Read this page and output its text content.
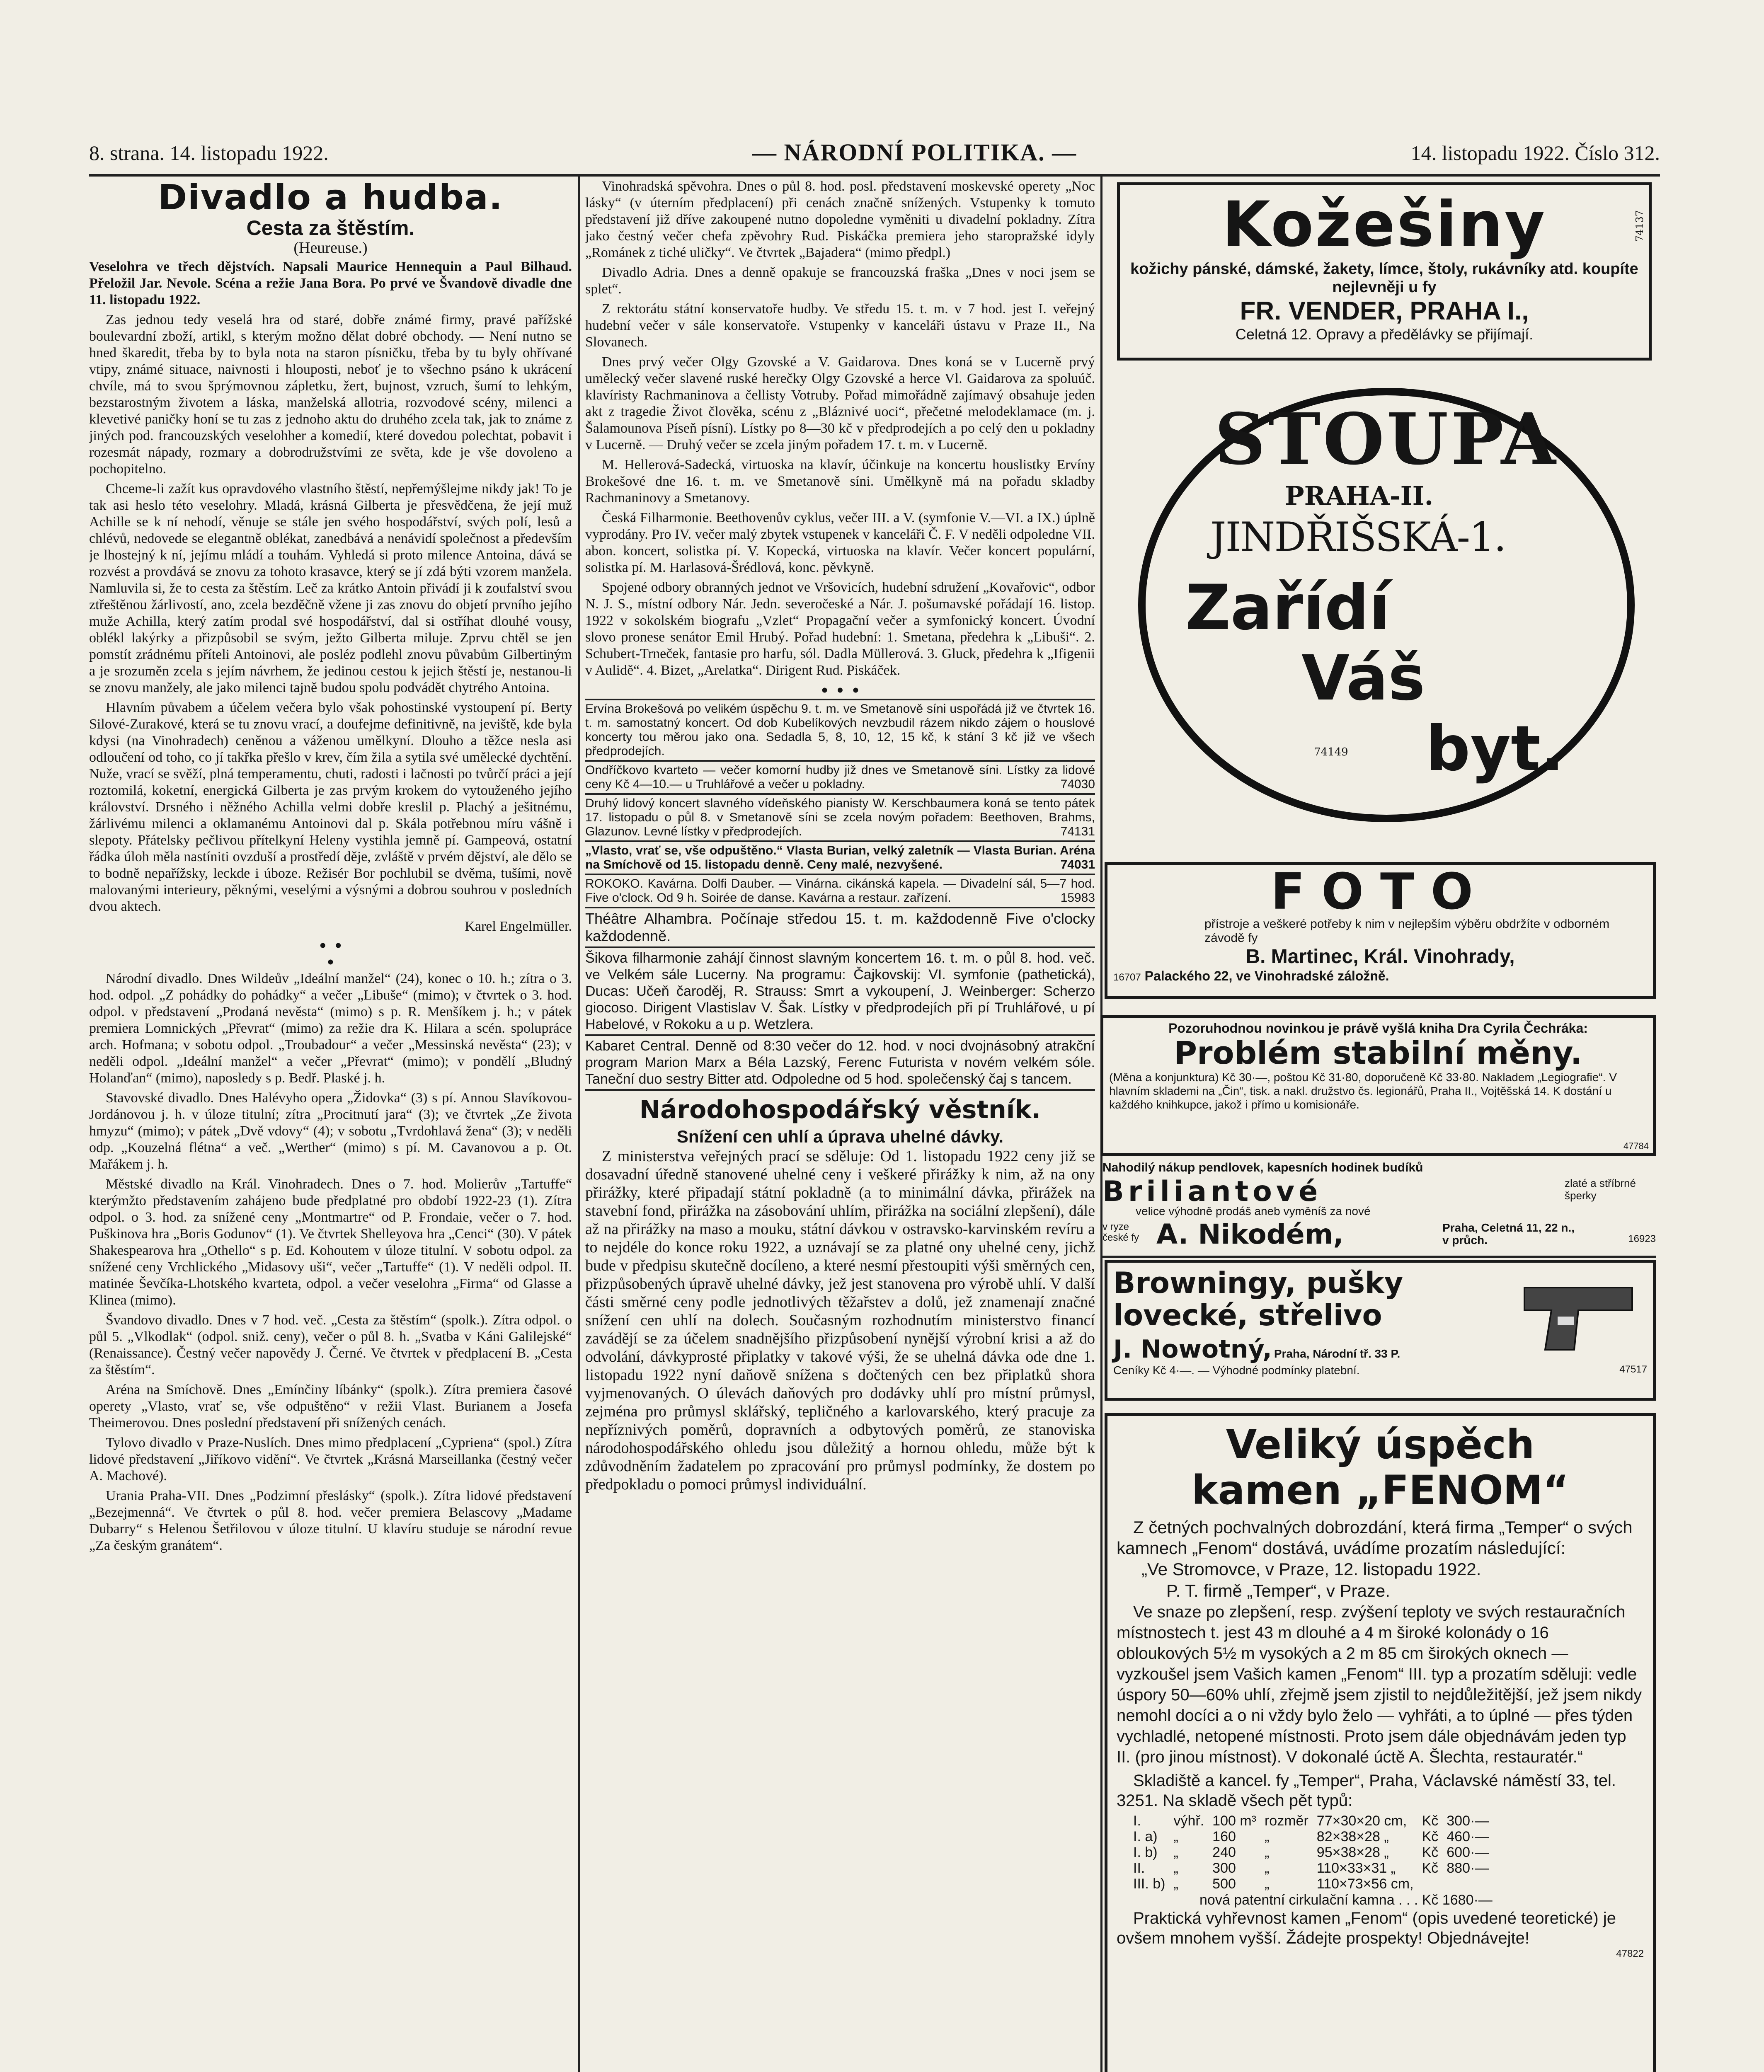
8. strana. 14. listopadu 1922.	— NÁRODNÍ POLITIKA. —	14. listopadu 1922. Číslo 312.
Divadlo a hudba.
Cesta za štěstím.
(Heureuse.)

Veselohra ve třech dějstvích. Napsali Maurice Hennequin a Paul Bilhaud. Přeložil Jar. Nevole. Scéna a režie Jana Bora. Po prvé ve Švandově divadle dne 11. listopadu 1922.

Zas jednou tedy veselá hra od staré, dobře známé firmy, pravé pařížské boulevardní zboží, artikl, s kterým možno dělat dobré obchody. — Není nutno se hned škaredit, třeba by to byla nota na staron písničku, třeba by tu byly ohřívané vtipy, známé situace, naivnosti i hlouposti, neboť je to všechno psáno k ukrácení chvíle, má to svou šprýmovnou zápletku, žert, bujnost, vzruch, šumí to lehkým, bezstarostným životem a láska, manželská allotria, rozvodové scény, milenci a klevetivé paničky honí se tu zas z jednoho aktu do druhého zcela tak, jak to známe z jiných pod. francouzských veselohher a komedií, které dovedou polechtat, pobavit i rozesmát nápady, rozmary a dobrodružstvími ze světa, kde je vše dovoleno a pochopitelno.

Chceme-li zažít kus opravdového vlastního štěstí, nepřemýšlejme nikdy jak! To je tak asi heslo této veselohry. Mladá, krásná Gilberta je přesvědčena, že její muž Achille se k ní nehodí, věnuje se stále jen svého hospodářství, svých polí, lesů a chlévů, nedovede se elegantně oblékat, zanedbává a nenávidí společnost a především je lhostejný k ní, jejímu mládí a touhám. Vyhledá si proto milence Antoina, dává se rozvést a provdává se znovu za tohoto krasavce, který se jí zdá býti vzorem manžela. Namluvila si, že to cesta za štěstím. Leč za krátko Antoin přivádí ji k zoufalství svou ztřeštěnou žárlivostí, ano, zcela bezděčně vžene ji zas znovu do objetí prvního jejího muže Achilla, který zatím prodal své hospodářství, dal si ostříhat dlouhé vousy, oblékl lakýrky a přizpůsobil se svým, ježto Gilberta miluje. Zprvu chtěl se jen pomstít zrádnému příteli Antoinovi, ale posléz podlehl znovu půvabům Gilbertiným a je srozuměn zcela s jejím návrhem, že jedinou cestou k jejich štěstí je, nestanou-li se znovu manžely, ale jako milenci tajně budou spolu podvádět chytrého Antoina.

Hlavním půvabem a účelem večera bylo však pohostinské vystoupení pí. Berty Silové-Zurakové, která se tu znovu vrací, a doufejme definitivně, na jeviště, kde byla kdysi (na Vinohradech) ceněnou a váženou umělkyní. Dlouho a těžce nesla asi odloučení od toho, co jí takřka přešlo v krev, čím žila a sytila své umělecké dychtění. Nuže, vrací se svěží, plná temperamentu, chuti, radosti i lačnosti po tvůrčí práci a její roztomilá, koketní, energická Gilberta je zas prvým krokem do vytouženého jejího království. Drsného i něžného Achilla velmi dobře kreslil p. Plachý a ješitnému, žárlivému milenci a oklamanému Antoinovi dal p. Skála potřebnou míru vášně i slepoty. Přátelsky pečlivou přítelkyní Heleny vystihla jemně pí. Gampeová, ostatní řádka úloh měla nastíniti ovzduší a prostředí děje, zvláště v prvém dějství, ale dělo se to bodně nepařížsky, leckde i úboze. Režisér Bor pochlubil se dvěma, tušími, nově malovanými interieury, pěknými, veselými a výsnými a dobrou souhrou v posledních dvou aktech.

Karel Engelmüller.
•  •
•

Národní divadlo. Dnes Wildeův „Ideální manžel“ (24), konec o 10. h.; zítra o 3. hod. odpol. „Z pohádky do pohádky“ a večer „Libuše“ (mimo); v čtvrtek o 3. hod. odpol. v představení „Prodaná nevěsta“ (mimo) s p. R. Menšíkem j. h.; v pátek premiera Lomnických „Převrat“ (mimo) za režie dra K. Hilara a scén. spolupráce arch. Hofmana; v sobotu odpol. „Troubadour“ a večer „Messinská nevěsta“ (23); v neděli odpol. „Ideální manžel“ a večer „Převrat“ (mimo); v pondělí „Bludný Holanďan“ (mimo), naposledy s p. Bedř. Plaské j. h.

Stavovské divadlo. Dnes Halévyho opera „Židovka“ (3) s pí. Annou Slavíkovou-Jordánovou j. h. v úloze titulní; zítra „Procitnutí jara“ (3); ve čtvrtek „Ze života hmyzu“ (mimo); v pátek „Dvě vdovy“ (4); v sobotu „Tvrdohlavá žena“ (3); v neděli odp. „Kouzelná flétna“ a več. „Werther“ (mimo) s pí. M. Cavanovou a p. Ot. Mařákem j. h.

Městské divadlo na Král. Vinohradech. Dnes o 7. hod. Molierův „Tartuffe“ kterýmžto představením zahájeno bude předplatné pro období 1922-23 (1). Zítra odpol. o 3. hod. za snížené ceny „Montmartre“ od P. Frondaie, večer o 7. hod. Puškinova hra „Boris Godunov“ (1). Ve čtvrtek Shelleyova hra „Cenci“ (30). V pátek Shakespearova hra „Othello“ s p. Ed. Kohoutem v úloze titulní. V sobotu odpol. za snížené ceny Vrchlického „Midasovy uši“, večer „Tartuffe“ (1). V neděli odpol. II. matinée Ševčíka-Lhotského kvarteta, odpol. a večer veselohra „Firma“ od Glasse a Klinea (mimo).

Švandovo divadlo. Dnes v 7 hod. več. „Cesta za štěstím“ (spolk.). Zítra odpol. o půl 5. „Vlkodlak“ (odpol. sniž. ceny), večer o půl 8. h. „Svatba v Káni Galilejské“ (Renaissance). Čestný večer napovědy J. Černé. Ve čtvrtek v předplacení B. „Cesta za štěstím“.

Aréna na Smíchově. Dnes „Emínčiny líbánky“ (spolk.). Zítra premiera časové operety „Vlasto, vrať se, vše odpuštěno“ v režii Vlast. Burianem a Josefa Theimerovou. Dnes poslední představení při snížených cenách.

Tylovo divadlo v Praze-Nuslích. Dnes mimo předplacení „Cypriena“ (spol.) Zítra lidové představení „Jiříkovo vidění“. Ve čtvrtek „Krásná Marseillanka (čestný večer A. Machové).

Urania Praha-VII. Dnes „Podzimní přeslásky“ (spolk.). Zítra lidové představení „Bezejmenná“. Ve čtvrtek o půl 8. hod. večer premiera Belascovy „Madame Dubarry“ s Helenou Šetřilovou v úloze titulní. U klavíru studuje se národní revue „Za českým granátem“.

Vinohradská spěvohra. Dnes o půl 8. hod. posl. představení moskevské operety „Noc lásky“ (v úterním předplacení) při cenách značně snížených. Vstupenky k tomuto představení již dříve zakoupené nutno dopoledne vyměniti u divadelní pokladny. Zítra jako čestný večer chefa zpěvohry Rud. Piskáčka premiera jeho staropražské idyly „Románek z tiché uličky“. Ve čtvrtek „Bajadera“ (mimo předpl.)

Divadlo Adria. Dnes a denně opakuje se francouzská fraška „Dnes v noci jsem se splet“.

Z rektorátu státní konservatoře hudby. Ve středu 15. t. m. v 7 hod. jest I. veřejný hudební večer v sále konservatoře. Vstupenky v kanceláři ústavu v Praze II., Na Slovanech.

Dnes prvý večer Olgy Gzovské a V. Gaidarova. Dnes koná se v Lucerně prvý umělecký večer slavené ruské herečky Olgy Gzovské a herce Vl. Gaidarova za spoluúč. klavíristy Rachmaninova a čellisty Votruby. Pořad mimořádně zajímavý obsahuje jeden akt z tragedie Život člověka, scénu z „Bláznivé uoci“, přečetné melodeklamace (m. j. Šalamounova Píseň písní). Lístky po 8—30 kč v předprodejích a po celý den u pokladny v Lucerně. — Druhý večer se zcela jiným pořadem 17. t. m. v Lucerně.

M. Hellerová-Sadecká, virtuoska na klavír, účinkuje na koncertu houslistky Ervíny Brokešové dne 16. t. m. ve Smetanově síni. Umělkyně má na pořadu skladby Rachmaninovy a Smetanovy.

Česká Filharmonie. Beethovenův cyklus, večer III. a V. (symfonie V.—VI. a IX.) úplně vyprodány. Pro IV. večer malý zbytek vstupenek v kanceláři Č. F. V neděli odpoledne VII. abon. koncert, solistka pí. V. Kopecká, virtuoska na klavír. Večer koncert populární, solistka pí. M. Harlasová-Šrédlová, konc. pěvkyně.

Spojené odbory obranných jednot ve Vršovicích, hudební sdružení „Kovařovic“, odbor N. J. S., místní odbory Nár. Jedn. severočeské a Nár. J. pošumavské pořádají 16. listop. 1922 v sokolském biografu „Vzlet“ Propagační večer a symfonický koncert. Úvodní slovo pronese senátor Emil Hrubý. Pořad hudební: 1. Smetana, předehra k „Libuši“. 2. Schubert-Trneček, fantasie pro harfu, sól. Dadla Müllerová. 3. Gluck, předehra k „Ifigenii v Aulidě“. 4. Bizet, „Arelatka“. Dirigent Rud. Piskáček.

•  •  •
Ervína Brokešová po velikém úspěchu 9. t. m. ve Smetanově síni uspořádá již ve čtvrtek 16. t. m. samostatný koncert. Od dob Kubelíkových nevzbudil rázem nikdo zájem o houslové koncerty tou měrou jako ona. Sedadla 5, 8, 10, 12, 15 kč, k stání 3 kč již ve všech předprodejích.
Ondříčkovo kvarteto — večer komorní hudby již dnes ve Smetanově síni. Lístky za lidové ceny Kč 4—10.— u Truhlářové a večer u pokladny.	74030
Druhý lidový koncert slavného vídeňského pianisty W. Kerschbaumera koná se tento pátek 17. listopadu o půl 8. v Smetanově síni se zcela novým pořadem: Beethoven, Brahms, Glazunov. Levné lístky v předprodejích.	74131
„Vlasto, vrať se, vše odpuštěno.“ Vlasta Burian, velký zaletník — Vlasta Burian. Aréna na Smíchově od 15. listopadu denně. Ceny malé, nezvyšené.	74031
ROKOKO. Kavárna. Dolfi Dauber. — Vinárna. cikánská kapela. — Divadelní sál, 5—7 hod. Five o'clock. Od 9 h. Soirée de danse. Kavárna a restaur. zařízení.	15983
Théâtre Alhambra. Počínaje středou 15. t. m. každodenně Five o'clocky každodenně.
Šikova filharmonie zahájí činnost slavným koncertem 16. t. m. o půl 8. hod. več. ve Velkém sále Lucerny. Na programu: Čajkovskij: VI. symfonie (pathetická), Ducas: Učeň čaroděj, R. Strauss: Smrt a vykoupení, J. Weinberger: Scherzo giocoso. Dirigent Vlastislav V. Šak. Lístky v předprodejích při pí Truhlářové, u pí Habelové, v Rokoku a u p. Wetzlera.
Kabaret Central. Denně od 8:30 večer do 12. hod. v noci dvojnásobný atrakční program Marion Marx a Béla Lazský, Ferenc Futurista v novém velkém sóle. Taneční duo sestry Bitter atd. Odpoledne od 5 hod. společenský čaj s tancem.
Národohospodářský věstník.
Snížení cen uhlí a úprava uhelné dávky.

Z ministerstva veřejných prací se sděluje: Od 1. listopadu 1922 ceny již se dosavadní úředně stanovené uhelné ceny i veškeré přirážky k nim, až na ony přirážky, které připadají státní pokladně (a to minimální dávka, přirážek na stavební fond, přirážka na zásobování uhlím, přirážka na sociální zlepšení), dále až na přirážky na maso a mouku, státní dávkou v ostravsko-karvinském revíru a to nejdéle do konce roku 1922, a uznávají se za platné ony uhelné ceny, jichž bude v předpisu skutečně docíleno, a které nesmí přestoupiti výši směrných cen, přizpůsobených úpravě uhelné dávky, jež jest stanovena pro výrobě uhlí. V další části směrné ceny podle jednotlivých těžařstev a dolů, jež znamenají značné snížení cen uhlí na dolech. Současným rozhodnutím ministerstvo financí zavádějí se za účelem snadnějšího přizpůsobení nynější výrobní krisi a až do odvolání, dávkyprosté připlatky v takové výši, že se uhelná dávka ode dne 1. listopadu 1922 nyní daňově snížena s dočtených cen bez připlatků shora vyjmenovaných. O úlevách daňových pro dodávky uhlí pro místní průmysl, zejména pro průmysl sklářský, tepličného a karlovarského, který pracuje za nepříznivých poměrů, dopravních a odbytových poměrů, ze stanoviska národohospodářského ohledu jsou důležitý a hornou ohledu, může být k zdůvodněním žadatelem po zpracování pro průmysl podmínky, že dostem po předpokladu o pomoci průmysl individuální.

Kožešiny	74137
kožichy pánské, dámské, žakety, límce, štoly, rukávníky atd. koupíte nejlevněji u fy
FR. VENDER, PRAHA I.,
Celetná 12. Opravy a předělávky se přijímají.
STOUPA
PRAHA-II.
JINDŘIŠSKÁ-1.
Zařídí
Váš
byt.
74149
FOTO
přístroje a veškeré potřeby k nim v nejlepším výběru obdržíte v odborném závodě fy
B. Martinec, Král. Vinohrady,
16707 Palackého 22, ve Vinohradské záložně.
Pozoruhodnou novinkou je právě vyšlá kniha Dra Cyrila Čechráka:
Problém stabilní měny.
(Měna a konjunktura) Kč 30·—, poštou Kč 31·80, doporučeně Kč 33·80. Nakladem „Legiografie“. V hlavním sklademi na „Čin“, tisk. a nakl. družstvo čs. legionářů, Praha II., Vojtěšská 14. K dostání u každého knihkupce, jakož i přímo u komisionáře.
47784
Nahodilý nákup pendlovek, kapesních hodinek budíků
Briliantové	zlaté a stříbrné šperky
velice výhodně prodáš aneb vyměníš za nové
v ryze české fy A. Nikodém,	Praha, Celetná 11, 22 n., v průch.	16923
Browningy, pušky
lovecké, střelivo
J. Nowotný, Praha, Národní tř. 33 P.
Ceníky Kč 4·—. — Výhodné podmínky platební.	47517
Veliký úspěch
kamen „FENOM“
Z četných pochvalných dobrozdání, která firma „Temper“ o svých kamnech „Fenom“ dostává, uvádíme prozatím následující:
„Ve Stromovce, v Praze, 12. listopadu 1922.
P. T. firmě „Temper“, v Praze.
Ve snaze po zlepšení, resp. zvýšení teploty ve svých restauračních místnostech t. jest 43 m dlouhé a 4 m široké kolonády o 16 obloukových 5½ m vysokých a 2 m 85 cm širokých oknech — vyzkoušel jsem Vašich kamen „Fenom“ III. typ a prozatím sděluji: vedle úspory 50—60% uhlí, zřejmě jsem zjistil to nejdůležitější, jež jsem nikdy nemohl docíci a o ni vždy bylo želo — vyhřáti, a to úplné — přes týden vychladlé, netopené místnosti. Proto jsem dále objednávám jeden typ II. (pro jinou místnost). V dokonalé úctě A. Šlechta, restauratér.“
Skladiště a kancel. fy „Temper“, Praha, Václavské náměstí 33, tel. 3251. Na skladě všech pět typů:
I.	výhř.	100 m³	rozměr	77×30×20 cm,	Kč	300·—
I. a)	„	160	„	82×38×28 „	Kč	460·—
I. b)	„	240	„	95×38×28 „	Kč	600·—
II.	„	300	„	110×33×31 „	Kč	880·—
III. b)	„	500	„	110×73×56 cm,		
nová patentní cirkulační kamna . . . Kč 1680·—
Praktická vyhřevnost kamen „Fenom“ (opis uvedené teoretické) je ovšem mnohem vyšší. Žádejte prospekty! Objednávejte!
47822
